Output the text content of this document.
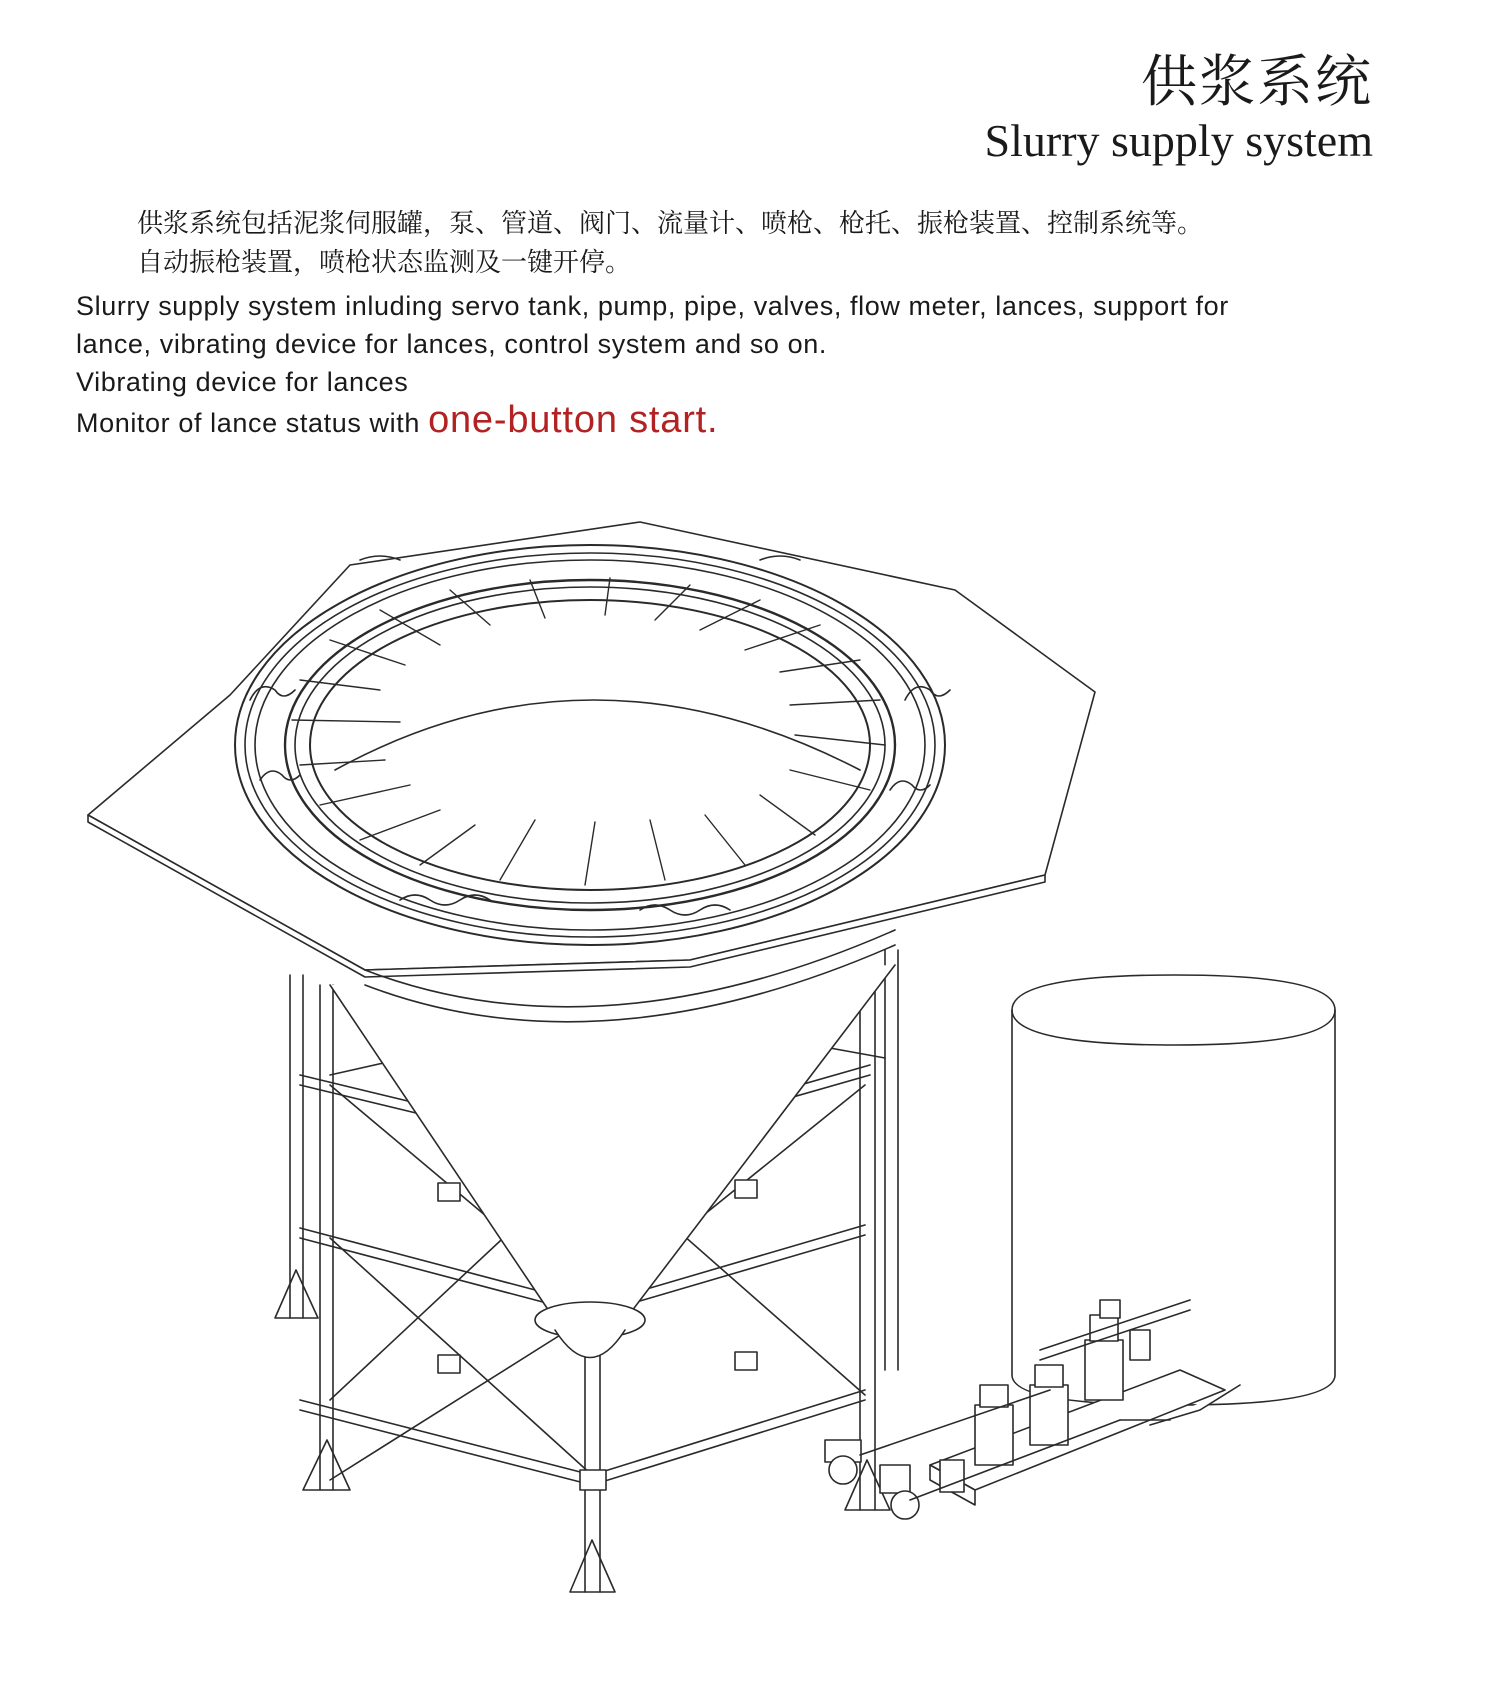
供浆系统
Slurry supply system
供浆系统包括泥浆伺服罐，泵、管道、阀门、流量计、喷枪、枪托、振枪装置、控制系统等。
自动振枪装置，喷枪状态监测及一键开停。
Slurry supply system inluding servo tank, pump, pipe, valves, flow meter, lances, support for
lance, vibrating device for lances, control system and so on.
Vibrating device for lances
Monitor of lance status with one-button start.
